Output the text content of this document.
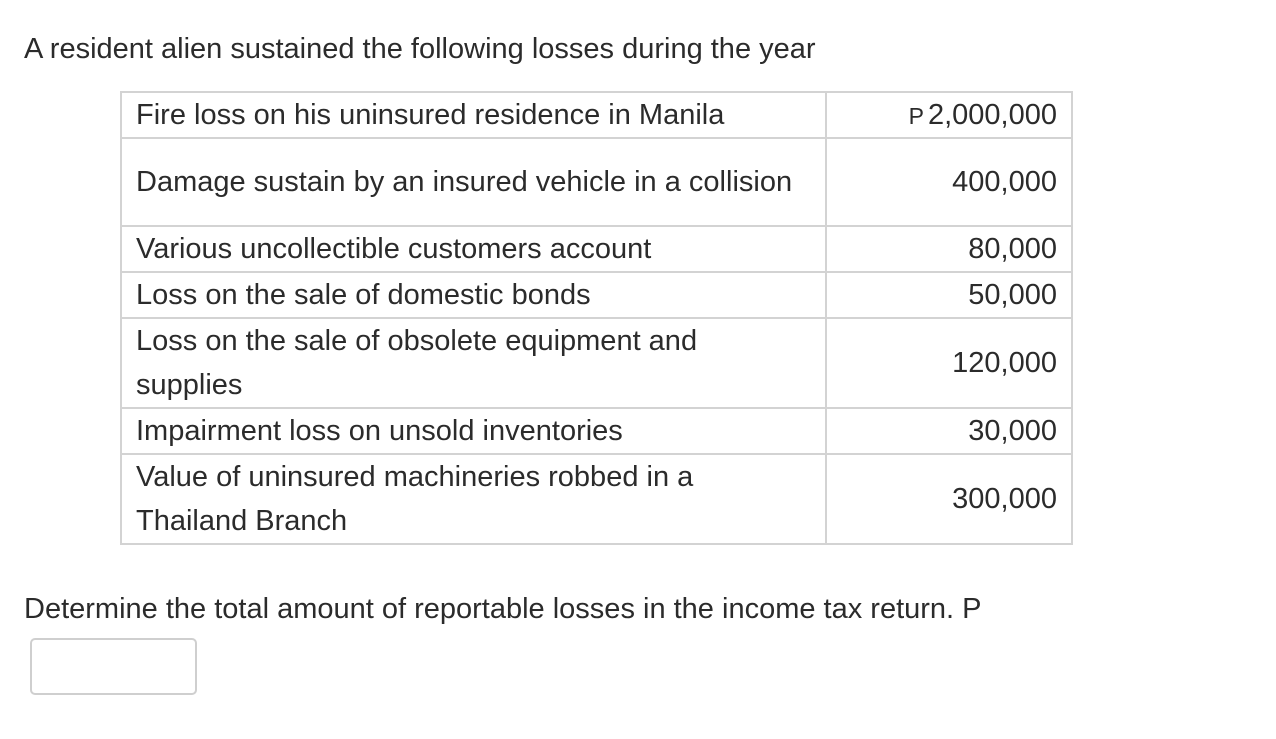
A resident alien sustained the following losses during the year

Fire loss on his uninsured residence in Manila	P 2,000,000
Damage sustain by an insured vehicle in a collision	400,000
Various uncollectible customers account	80,000
Loss on the sale of domestic bonds	50,000
Loss on the sale of obsolete equipment and supplies	120,000
Impairment loss on unsold inventories	30,000
Value of uninsured machineries robbed in a Thailand Branch	300,000

Determine the total amount of reportable losses in the income tax return. P
